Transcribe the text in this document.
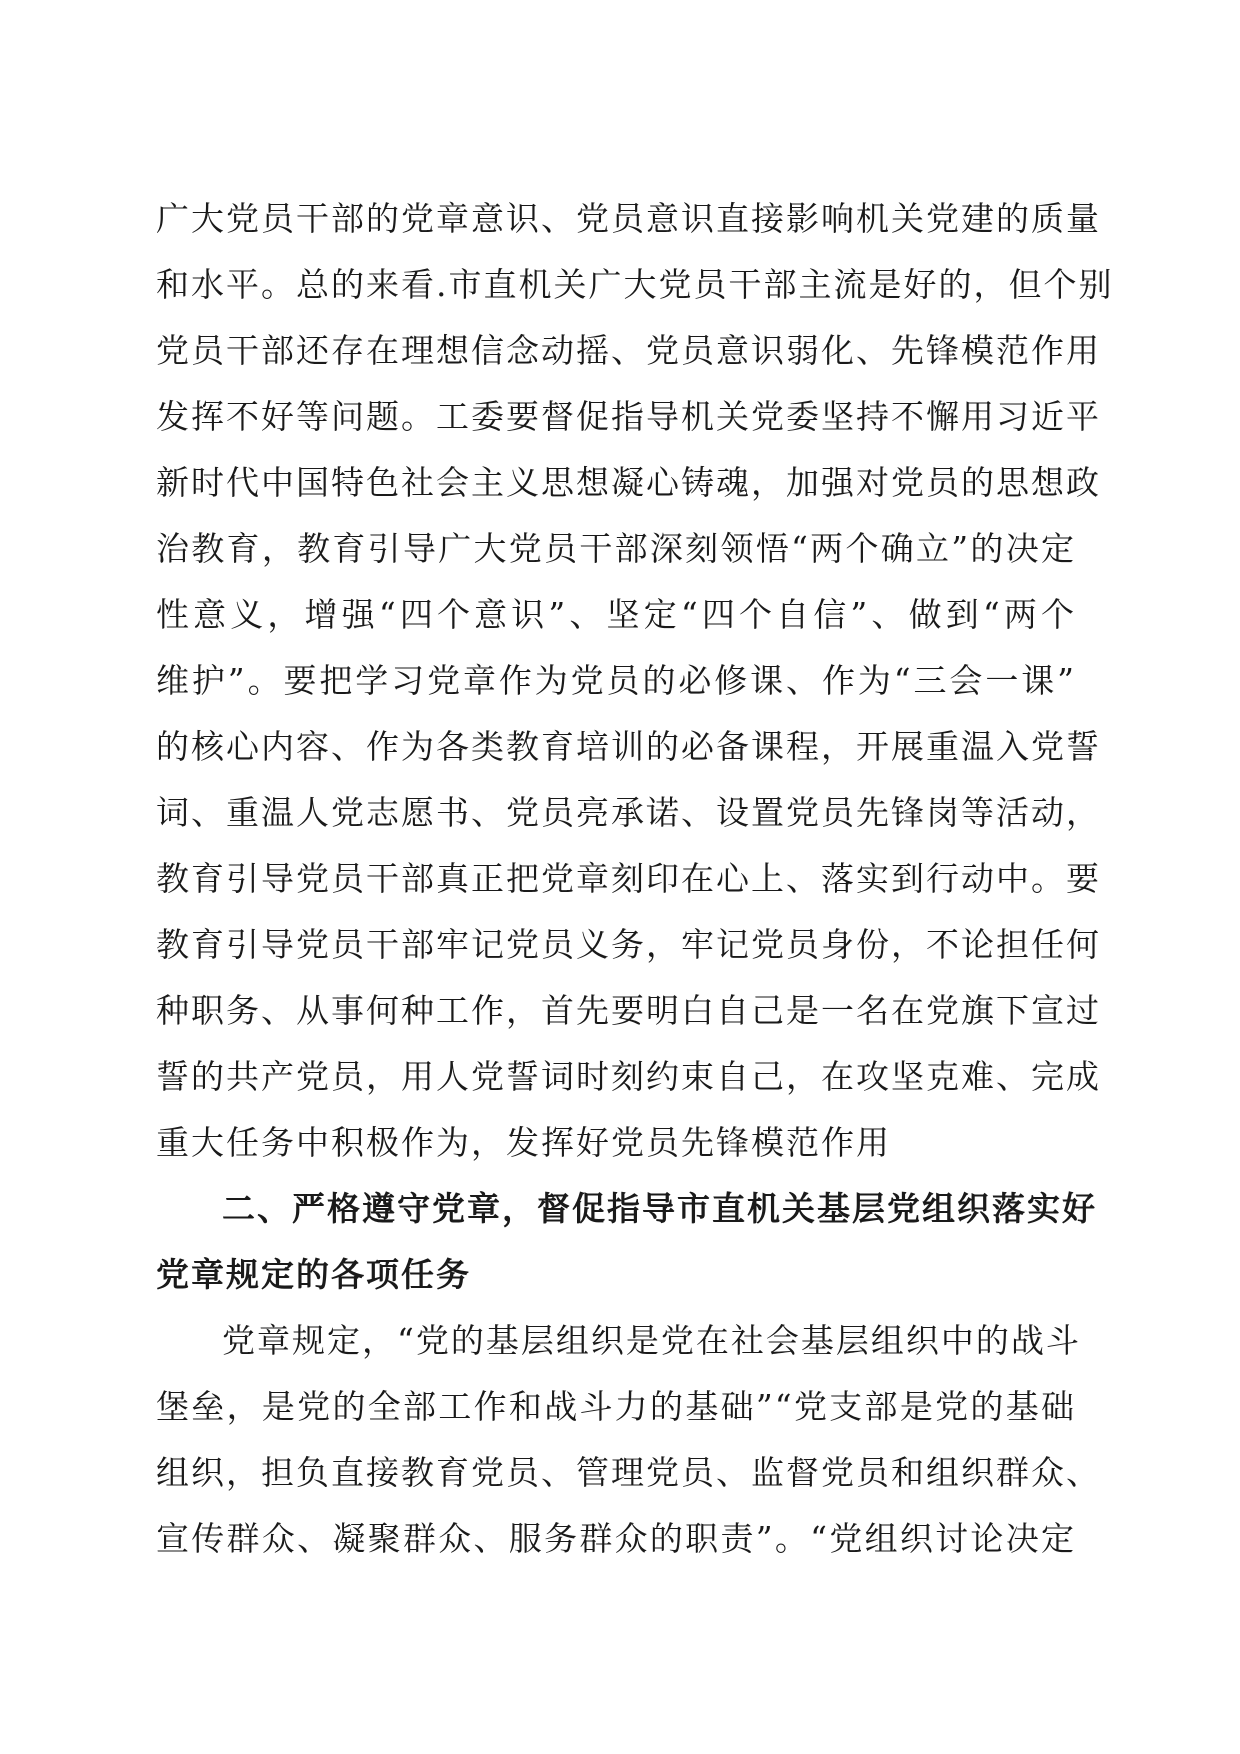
广大党员干部的党章意识、党员意识直接影响机关党建的质量
和水平。总的来看.市直机关广大党员干部主流是好的，但个别
党员干部还存在理想信念动摇、党员意识弱化、先锋模范作用
发挥不好等问题。工委要督促指导机关党委坚持不懈用习近平
新时代中国特色社会主义思想凝心铸魂，加强对党员的思想政
治教育，教育引导广大党员干部深刻领悟“两个确立”的决定
性意义，增强“四个意识”、坚定“四个自信”、做到“两个
维护”。要把学习党章作为党员的必修课、作为“三会一课”
的核心内容、作为各类教育培训的必备课程，开展重温入党誓
词、重温人党志愿书、党员亮承诺、设置党员先锋岗等活动，
教育引导党员干部真正把党章刻印在心上、落实到行动中。要
教育引导党员干部牢记党员义务，牢记党员身份，不论担任何
种职务、从事何种工作，首先要明白自己是一名在党旗下宣过
誓的共产党员，用人党誓词时刻约束自己，在攻坚克难、完成
重大任务中积极作为，发挥好党员先锋模范作用
二、严格遵守党章，督促指导市直机关基层党组织落实好
党章规定的各项任务
党章规定，“党的基层组织是党在社会基层组织中的战斗
堡垒，是党的全部工作和战斗力的基础”“党支部是党的基础
组织，担负直接教育党员、管理党员、监督党员和组织群众、
宣传群众、凝聚群众、服务群众的职责”。“党组织讨论决定
